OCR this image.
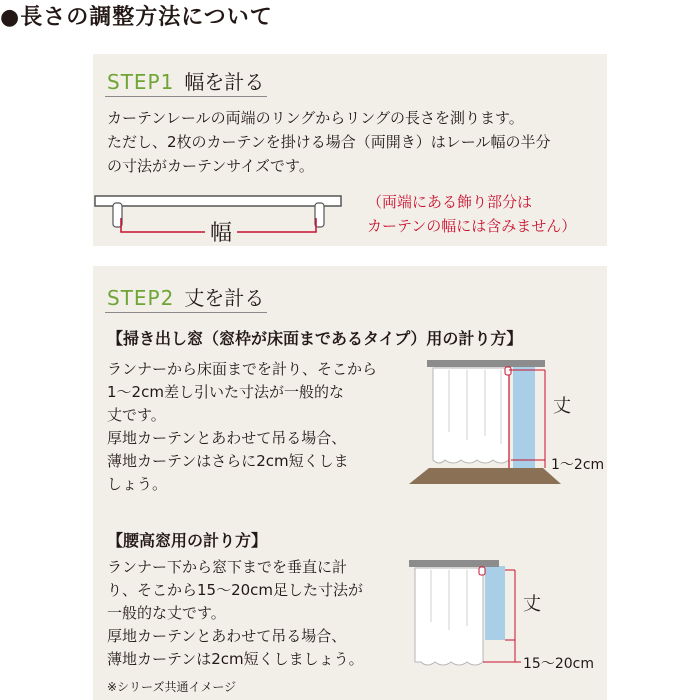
●長さの調整方法について
STEP1 幅を計る
カーテンレールの両端のリングからリングの長さを測ります。
ただし、2枚のカーテンを掛ける場合（両開き）はレール幅の半分
の寸法がカーテンサイズです。
幅
（両端にある飾り部分は
カーテンの幅には含みません）
STEP2 丈を計る
【掃き出し窓（窓枠が床面まであるタイプ）用の計り方】
ランナーから床面までを計り、そこから
1～2cm差し引いた寸法が一般的な
丈です。
厚地カーテンとあわせて吊る場合、
薄地カーテンはさらに2cm短くしま
しょう。
丈
1～2cm
【腰高窓用の計り方】
ランナー下から窓下までを垂直に計
り、そこから15～20cm足した寸法が
一般的な丈です。
厚地カーテンとあわせて吊る場合、
薄地カーテンは2cm短くしましょう。
丈
15～20cm
※シリーズ共通イメージ
